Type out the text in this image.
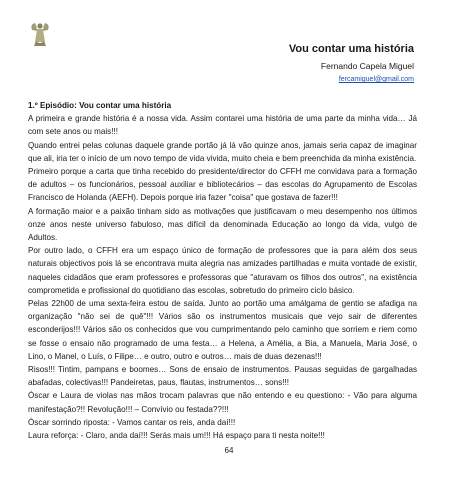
Vou contar uma história

Fernando Capela Miguel

fercamiguel@gmail.com

1.º Episódio: Vou contar uma história

A primeira e grande história é a nossa vida. Assim contarei uma história de uma parte da minha vida… Já com sete anos ou mais!!!

Quando entrei pelas colunas daquele grande portão já lá vão quinze anos, jamais seria capaz de imaginar que ali, iria ter o início de um novo tempo de vida vivida, muito cheia e bem preenchida da minha existência.

Primeiro porque a carta que tinha recebido do presidente/director do CFFH me convidava para a formação de adultos – os funcionários, pessoal auxiliar e bibliotecários – das escolas do Agrupamento de Escolas Francisco de Holanda (AEFH). Depois porque iria fazer "coisa" que gostava de fazer!!!

A formação maior e a paixão tinham sido as motivações que justificavam o meu desempenho nos últimos onze anos neste universo fabuloso, mas difícil da denominada Educação ao longo da vida, vulgo de Adultos.

Por outro lado, o CFFH era um espaço único de formação de professores que ia para além dos seus naturais objectivos pois lá se encontrava muita alegria nas amizades partilhadas e muita vontade de existir, naqueles cidadãos que eram professores e professoras que "aturavam os filhos dos outros", na existência comprometida e profissional do quotidiano das escolas, sobretudo do primeiro ciclo básico.

Pelas 22h00 de uma sexta-feira estou de saída. Junto ao portão uma amálgama de gentio se afadiga na organização "não sei de quê"!!! Vários são os instrumentos musicais que vejo sair de diferentes esconderijos!!! Vários são os conhecidos que vou cumprimentando pelo caminho que sorriem e riem como se fosse o ensaio não programado de uma festa… a Helena, a Amélia, a Bia, a Manuela, Maria José, o Lino, o Manel, o Luís, o Filipe… e outro, outro e outros… mais de duas dezenas!!!

Risos!!! Tintim, pampans e boomes… Sons de ensaio de instrumentos. Pausas seguidas de gargalhadas abafadas, colectivas!!! Pandeiretas, paus, flautas, instrumentos… sons!!!

Óscar e Laura de violas nas mãos trocam palavras que não entendo e eu questiono: - Vão para alguma manifestação?!! Revolução!!! – Convívio ou festada??!!!

Óscar sorrindo riposta: - Vamos cantar os reis, anda daí!!!

Laura reforça: - Claro, anda daí!!! Serás mais um!!! Há espaço para ti nesta noite!!!

64
